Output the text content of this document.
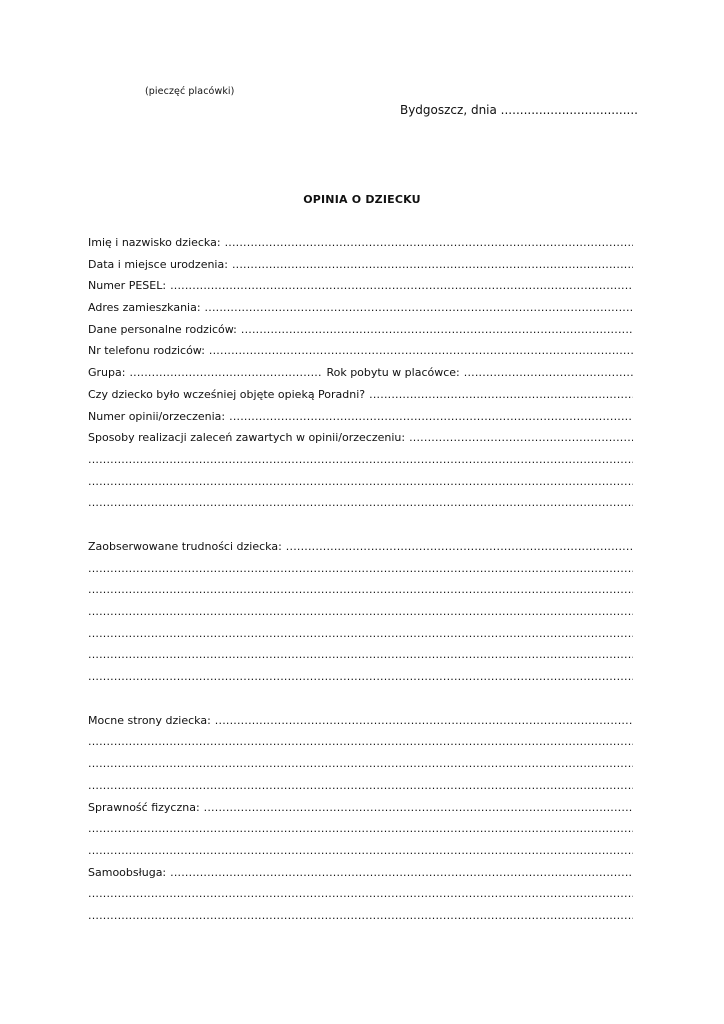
(pieczęć placówki)
Bydgoszcz, dnia ....................................
OPINIA O DZIECKU
Imię i nazwisko dziecka:
.....
Data i miejsce urodzenia:
.....
Numer PESEL:
.....
Adres zamieszkania:
.....
Dane personalne rodziców:
.....
Nr telefonu rodziców:
.....
Grupa:
.....	Rok pobytu w placówce:
.....
Czy dziecko było wcześniej objęte opieką Poradni?
.....
Numer opinii/orzeczenia:
.....
Sposoby realizacji zaleceń zawartych w opinii/orzeczeniu:
.....
.....
.....
.....
Zaobserwowane trudności dziecka:
.....
.....
.....
.....
.....
.....
.....
Mocne strony dziecka:
.....
.....
.....
.....
Sprawność fizyczna:
.....
.....
.....
Samoobsługa:
.....
.....
.....
